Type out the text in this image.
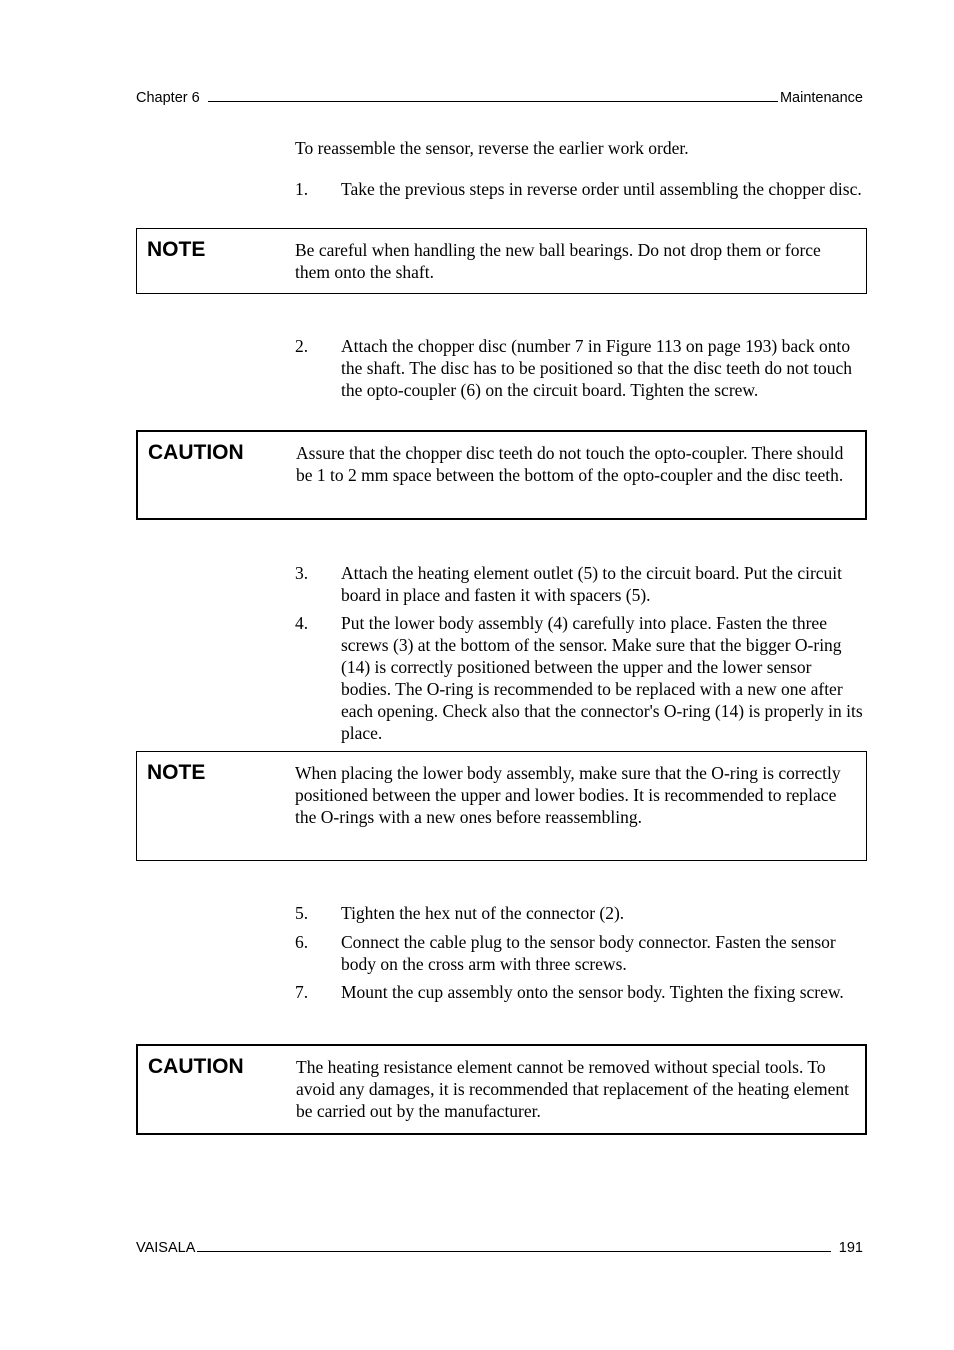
Chapter 6	Maintenance
To reassemble the sensor, reverse the earlier work order.
1. Take the previous steps in reverse order until assembling the chopper disc.
NOTE	Be careful when handling the new ball bearings. Do not drop them or force them onto the shaft.
2. Attach the chopper disc (number 7 in Figure 113 on page 193) back onto the shaft. The disc has to be positioned so that the disc teeth do not touch the opto-coupler (6) on the circuit board. Tighten the screw.
CAUTION	Assure that the chopper disc teeth do not touch the opto-coupler. There should be 1 to 2 mm space between the bottom of the opto-coupler and the disc teeth.
3. Attach the heating element outlet (5) to the circuit board. Put the circuit board in place and fasten it with spacers (5).
4. Put the lower body assembly (4) carefully into place. Fasten the three screws (3) at the bottom of the sensor. Make sure that the bigger O-ring (14) is correctly positioned between the upper and the lower sensor bodies. The O-ring is recommended to be replaced with a new one after each opening. Check also that the connector's O-ring (14) is properly in its place.
NOTE	When placing the lower body assembly, make sure that the O-ring is correctly positioned between the upper and lower bodies. It is recommended to replace the O-rings with a new ones before reassembling.
5. Tighten the hex nut of the connector (2).
6. Connect the cable plug to the sensor body connector. Fasten the sensor body on the cross arm with three screws.
7. Mount the cup assembly onto the sensor body. Tighten the fixing screw.
CAUTION	The heating resistance element cannot be removed without special tools. To avoid any damages, it is recommended that replacement of the heating element be carried out by the manufacturer.
VAISALA	191
